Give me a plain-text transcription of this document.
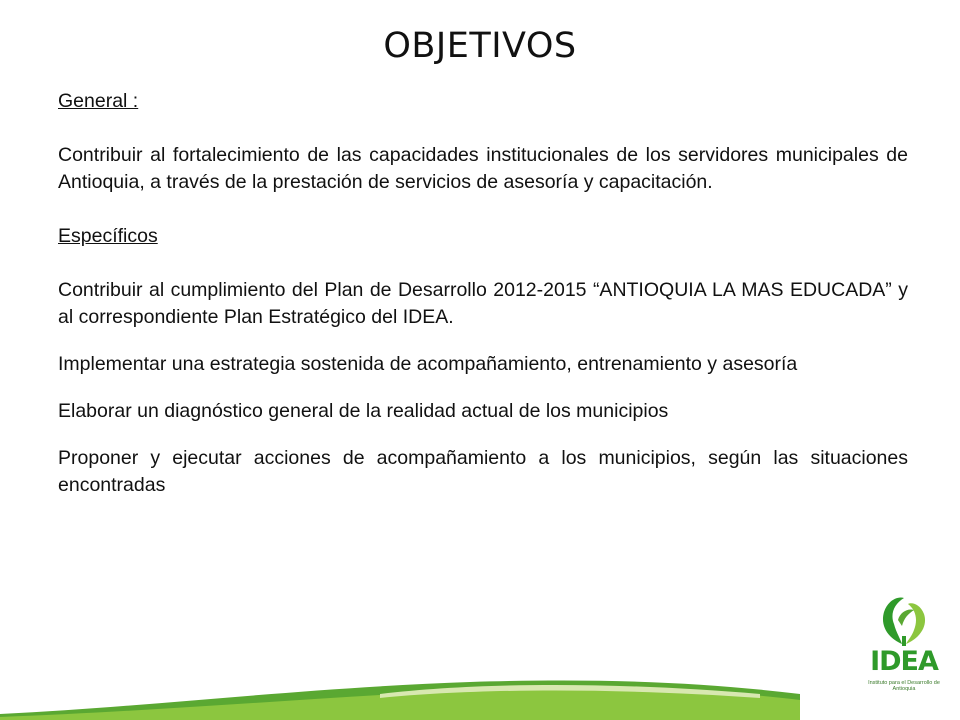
OBJETIVOS

General :

Contribuir al fortalecimiento de las capacidades institucionales de los servidores municipales de Antioquia, a través de la prestación de servicios de asesoría y capacitación.

Específicos

Contribuir al cumplimiento del Plan de Desarrollo 2012-2015 “ANTIOQUIA LA MAS EDUCADA” y al correspondiente Plan Estratégico del IDEA.

Implementar una estrategia sostenida de acompañamiento, entrenamiento y asesoría

Elaborar un diagnóstico general de la realidad actual de los municipios

Proponer y ejecutar acciones de acompañamiento a los municipios, según las situaciones encontradas

IDEA
Instituto para el Desarrollo de Antioquia
